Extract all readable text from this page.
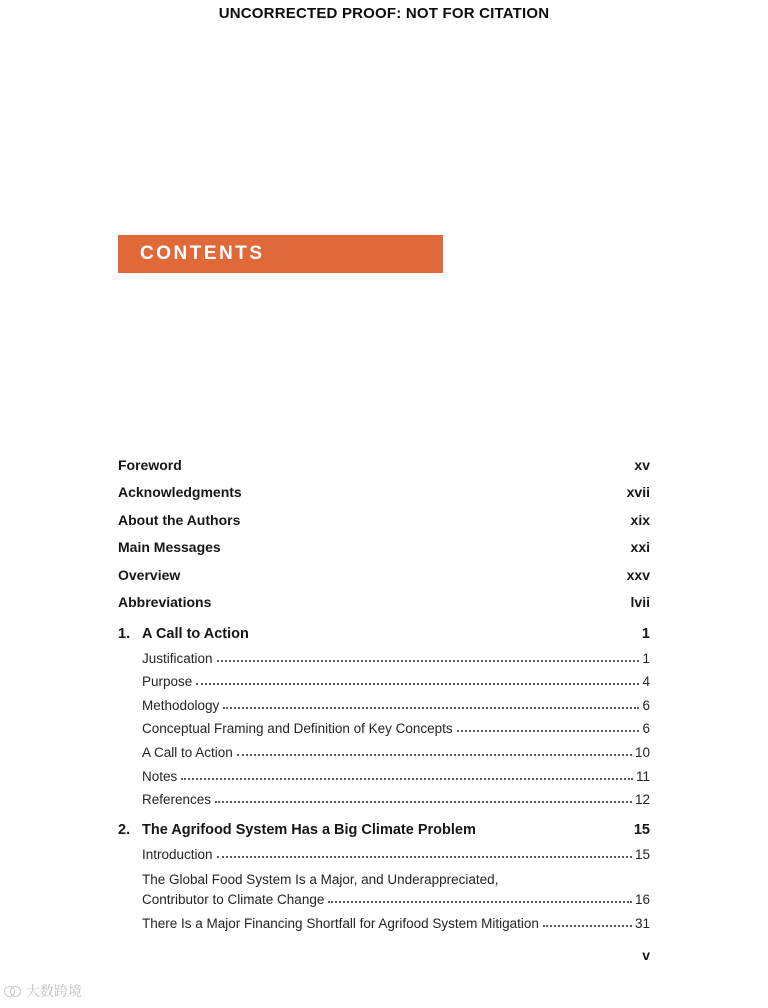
UNCORRECTED PROOF: NOT FOR CITATION
CONTENTS
Foreword	xv
Acknowledgments	xvii
About the Authors	xix
Main Messages	xxi
Overview	xxv
Abbreviations	lvii
1. A Call to Action	1
Justification	1
Purpose	4
Methodology	6
Conceptual Framing and Definition of Key Concepts	6
A Call to Action	10
Notes	11
References	12
2. The Agrifood System Has a Big Climate Problem	15
Introduction	15
The Global Food System Is a Major, and Underappreciated,
Contributor to Climate Change	16
There Is a Major Financing Shortfall for Agrifood System Mitigation	31
v
大数跨境
